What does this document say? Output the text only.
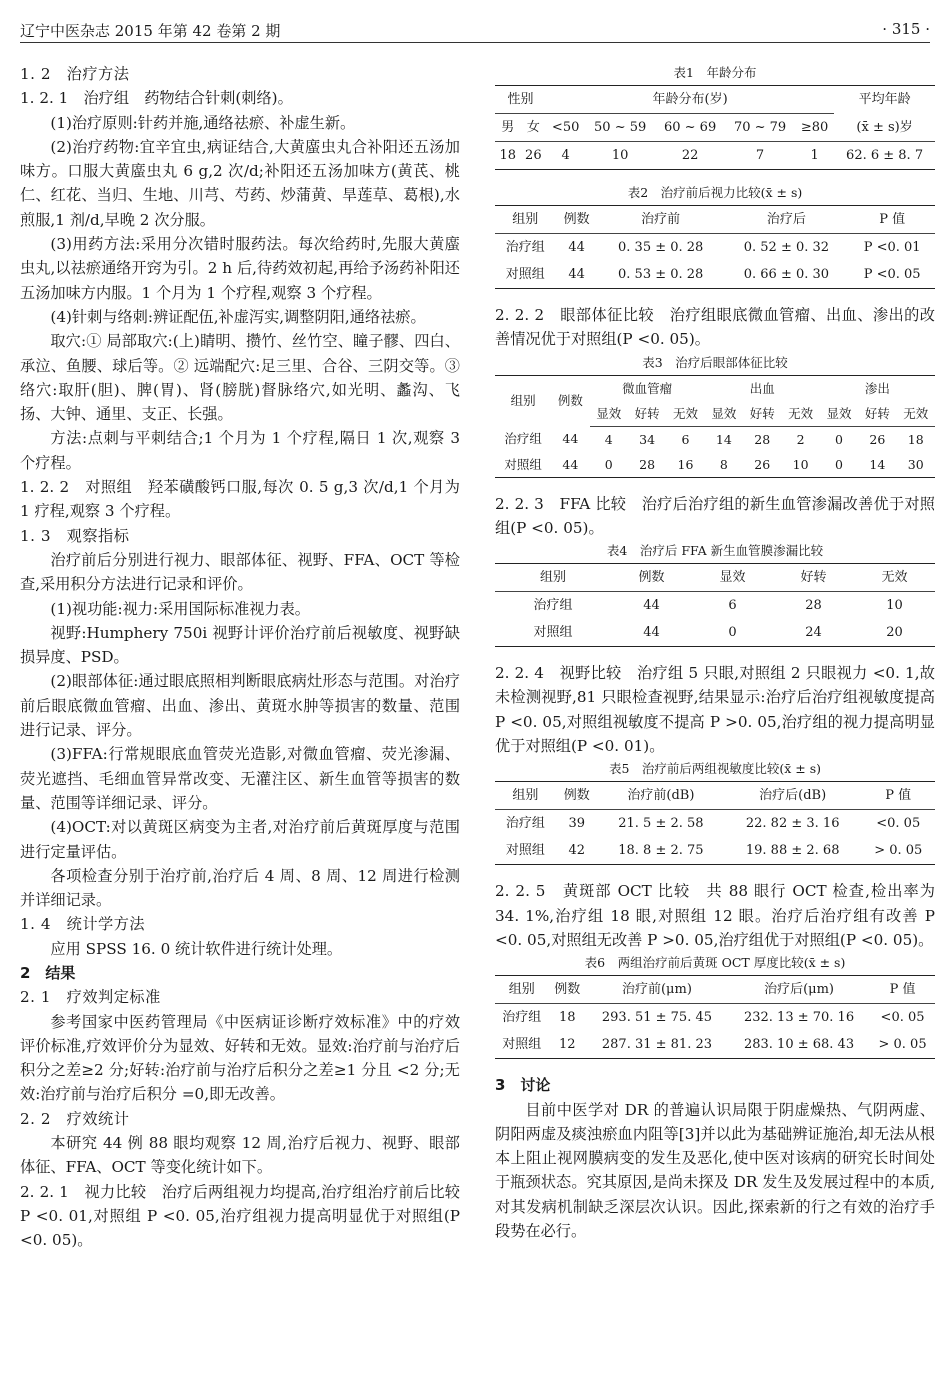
辽宁中医杂志 2015 年第 42 卷第 2 期	· 315 ·

1. 2　治疗方法

1. 2. 1　治疗组　药物结合针刺(刺络)。

(1)治疗原则:针药并施,通络祛瘀、补虚生新。

(2)治疗药物:宜辛宜虫,病证结合,大黄䗪虫丸合补阳还五汤加味方。口服大黄䗪虫丸 6 g,2 次/d;补阳还五汤加味方(黄芪、桃仁、红花、当归、生地、川芎、芍药、炒蒲黄、旱莲草、葛根),水煎服,1 剂/d,早晚 2 次分服。

(3)用药方法:采用分次错时服药法。每次给药时,先服大黄䗪虫丸,以祛瘀通络开窍为引。2 h 后,待药效初起,再给予汤药补阳还五汤加味方内服。1 个月为 1 个疗程,观察 3 个疗程。

(4)针刺与络刺:辨证配伍,补虚泻实,调整阴阳,通络祛瘀。

取穴:① 局部取穴:(上)睛明、攒竹、丝竹空、瞳子髎、四白、承泣、鱼腰、球后等。② 远端配穴:足三里、合谷、三阴交等。③ 络穴:取肝(胆)、脾(胃)、肾(膀胱)督脉络穴,如光明、蠡沟、飞扬、大钟、通里、支正、长强。

方法:点刺与平刺结合;1 个月为 1 个疗程,隔日 1 次,观察 3 个疗程。

1. 2. 2　对照组　羟苯磺酸钙口服,每次 0. 5 g,3 次/d,1 个月为 1 疗程,观察 3 个疗程。

1. 3　观察指标

治疗前后分别进行视力、眼部体征、视野、FFA、OCT 等检查,采用积分方法进行记录和评价。

(1)视功能:视力:采用国际标准视力表。

视野:Humphery 750i 视野计评价治疗前后视敏度、视野缺损异度、PSD。

(2)眼部体征:通过眼底照相判断眼底病灶形态与范围。对治疗前后眼底微血管瘤、出血、渗出、黄斑水肿等损害的数量、范围进行记录、评分。

(3)FFA:行常规眼底血管荧光造影,对微血管瘤、荧光渗漏、荧光遮挡、毛细血管异常改变、无灌注区、新生血管等损害的数量、范围等详细记录、评分。

(4)OCT:对以黄斑区病变为主者,对治疗前后黄斑厚度与范围进行定量评估。

各项检查分别于治疗前,治疗后 4 周、8 周、12 周进行检测并详细记录。

1. 4　统计学方法

应用 SPSS 16. 0 统计软件进行统计处理。

2　结果

2. 1　疗效判定标准

参考国家中医药管理局《中医病证诊断疗效标准》中的疗效评价标准,疗效评价分为显效、好转和无效。显效:治疗前与治疗后积分之差≥2 分;好转:治疗前与治疗后积分之差≥1 分且 <2 分;无效:治疗前与治疗后积分 =0,即无改善。

2. 2　疗效统计

本研究 44 例 88 眼均观察 12 周,治疗后视力、视野、眼部体征、FFA、OCT 等变化统计如下。

2. 2. 1　视力比较　治疗后两组视力均提高,治疗组治疗前后比较 P <0. 01,对照组 P <0. 05,治疗组视力提高明显优于对照组(P <0. 05)。

表1　年龄分布
性别		年龄分布(岁)					平均年龄
男	女	<50	50 ~ 59	60 ~ 69	70 ~ 79	≥80	(x̄ ± s)岁
18	26	4	10	22	7	1	62. 6 ± 8. 7
表2　治疗前后视力比较(x̄ ± s)
组别	例数	治疗前	治疗后	P 值
治疗组	44	0. 35 ± 0. 28	0. 52 ± 0. 32	P <0. 01
对照组	44	0. 53 ± 0. 28	0. 66 ± 0. 30	P <0. 05

2. 2. 2　眼部体征比较　治疗组眼底微血管瘤、出血、渗出的改善情况优于对照组(P <0. 05)。

表3　治疗后眼部体征比较
组别	例数	微血管瘤			出血			渗出		
		显效	好转	无效	显效	好转	无效	显效	好转	无效
治疗组	44	4	34	6	14	28	2	0	26	18
对照组	44	0	28	16	8	26	10	0	14	30

2. 2. 3　FFA 比较　治疗后治疗组的新生血管渗漏改善优于对照组(P <0. 05)。

表4　治疗后 FFA 新生血管膜渗漏比较
组别	例数	显效	好转	无效
治疗组	44	6	28	10
对照组	44	0	24	20

2. 2. 4　视野比较　治疗组 5 只眼,对照组 2 只眼视力 <0. 1,故未检测视野,81 只眼检查视野,结果显示:治疗后治疗组视敏度提高 P <0. 05,对照组视敏度不提高 P >0. 05,治疗组的视力提高明显优于对照组(P <0. 01)。

表5　治疗前后两组视敏度比较(x̄ ± s)
组别	例数	治疗前(dB)	治疗后(dB)	P 值
治疗组	39	21. 5 ± 2. 58	22. 82 ± 3. 16	<0. 05
对照组	42	18. 8 ± 2. 75	19. 88 ± 2. 68	> 0. 05

2. 2. 5　黄斑部 OCT 比较　共 88 眼行 OCT 检查,检出率为 34. 1%,治疗组 18 眼,对照组 12 眼。治疗后治疗组有改善 P <0. 05,对照组无改善 P >0. 05,治疗组优于对照组(P <0. 05)。

表6　两组治疗前后黄斑 OCT 厚度比较(x̄ ± s)
组别	例数	治疗前(μm)	治疗后(μm)	P 值
治疗组	18	293. 51 ± 75. 45	232. 13 ± 70. 16	<0. 05
对照组	12	287. 31 ± 81. 23	283. 10 ± 68. 43	> 0. 05

3　讨论

目前中医学对 DR 的普遍认识局限于阴虚燥热、气阴两虚、阴阳两虚及痰浊瘀血内阻等[3]并以此为基础辨证施治,却无法从根本上阻止视网膜病变的发生及恶化,使中医对该病的研究长时间处于瓶颈状态。究其原因,是尚未探及 DR 发生及发展过程中的本质,对其发病机制缺乏深层次认识。因此,探索新的行之有效的治疗手段势在必行。
